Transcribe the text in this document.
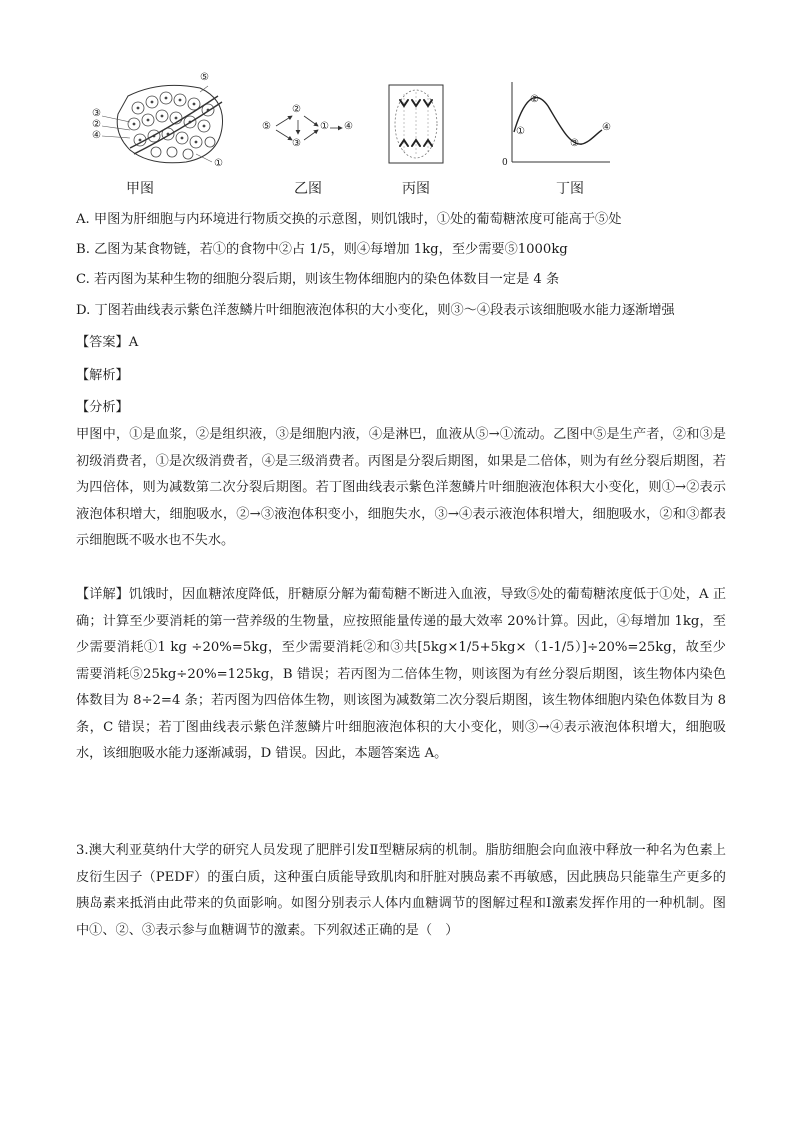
⑤
③
②
④
①
甲图
⑤
②
③
① ④
乙图	丙图
②
①
③
④
0
丁图
A. 甲图为肝细胞与内环境进行物质交换的示意图，则饥饿时，①处的葡萄糖浓度可能高于⑤处
B. 乙图为某食物链，若①的食物中②占 1/5，则④每增加 1kg，至少需要⑤1000kg
C. 若丙图为某种生物的细胞分裂后期，则该生物体细胞内的染色体数目一定是 4 条
D. 丁图若曲线表示紫色洋葱鳞片叶细胞液泡体积的大小变化，则③～④段表示该细胞吸水能力逐渐增强
【答案】A
【解析】
【分析】

甲图中，①是血浆，②是组织液，③是细胞内液，④是淋巴，血液从⑤→①流动。乙图中⑤是生产者，②和③是初级消费者，①是次级消费者，④是三级消费者。丙图是分裂后期图，如果是二倍体，则为有丝分裂后期图，若为四倍体，则为减数第二次分裂后期图。若丁图曲线表示紫色洋葱鳞片叶细胞液泡体积大小变化，则①→②表示液泡体积增大，细胞吸水，②→③液泡体积变小，细胞失水，③→④表示液泡体积增大，细胞吸水，②和③都表示细胞既不吸水也不失水。

【详解】饥饿时，因血糖浓度降低，肝糖原分解为葡萄糖不断进入血液，导致⑤处的葡萄糖浓度低于①处，A 正确；计算至少要消耗的第一营养级的生物量，应按照能量传递的最大效率 20%计算。因此，④每增加 1kg，至少需要消耗①1 kg ÷20%=5kg，至少需要消耗②和③共[5kg×1/5+5kg×（1-1/5）]÷20%=25kg，故至少需要消耗⑤25kg÷20%=125kg，B 错误；若丙图为二倍体生物，则该图为有丝分裂后期图，该生物体内染色体数目为 8÷2=4 条；若丙图为四倍体生物，则该图为减数第二次分裂后期图，该生物体细胞内染色体数目为 8 条，C 错误；若丁图曲线表示紫色洋葱鳞片叶细胞液泡体积的大小变化，则③→④表示液泡体积增大，细胞吸水，该细胞吸水能力逐渐减弱，D 错误。因此，本题答案选 A。

3.澳大利亚莫纳什大学的研究人员发现了肥胖引发Ⅱ型糖尿病的机制。脂肪细胞会向血液中释放一种名为色素上皮衍生因子（PEDF）的蛋白质，这种蛋白质能导致肌肉和肝脏对胰岛素不再敏感，因此胰岛只能靠生产更多的胰岛素来抵消由此带来的负面影响。如图分别表示人体内血糖调节的图解过程和Ⅰ激素发挥作用的一种机制。图中①、②、③表示参与血糖调节的激素。下列叙述正确的是（　）
